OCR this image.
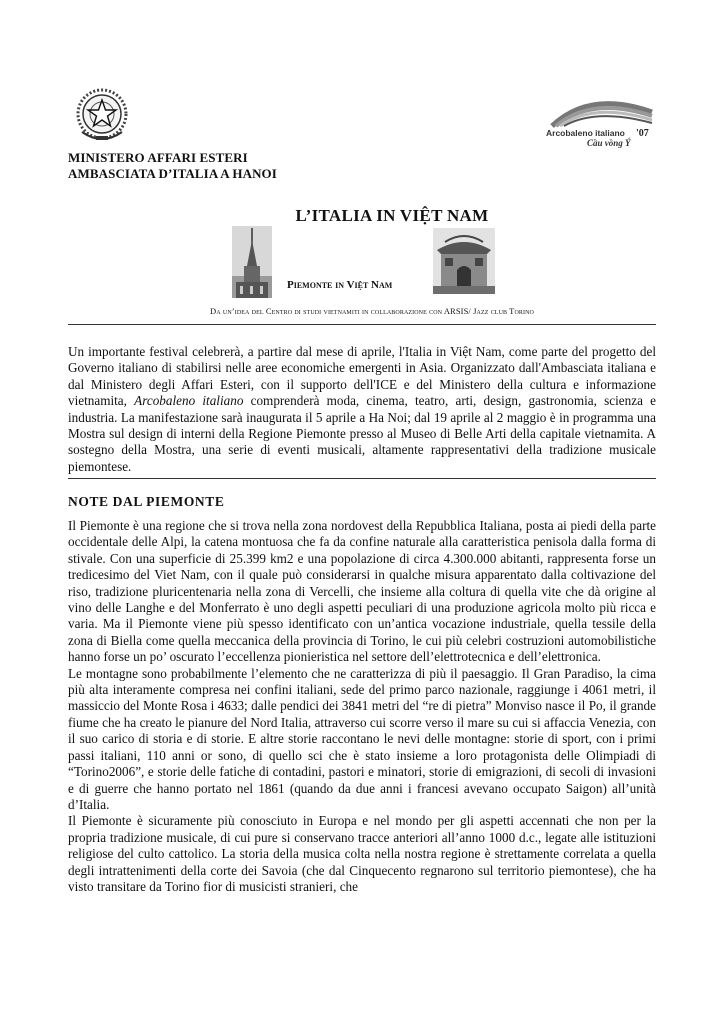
Arcobaleno italiano '07
Cầu vồng Ý
MINISTERO AFFARI ESTERI
AMBASCIATA D’ITALIA A HANOI
L’ITALIA IN VIỆT NAM
Piemonte in Việt Nam
Da un’idea del Centro di studi vietnamiti in collaborazione con ARSIS/ Jazz club Torino

Un importante festival celebrerà, a partire dal mese di aprile, l'Italia in Việt Nam, come parte del progetto del Governo italiano di stabilirsi nelle aree economiche emergenti in Asia. Organizzato dall'Ambasciata italiana e dal Ministero degli Affari Esteri, con il supporto dell'ICE e del Ministero della cultura e informazione vietnamita, Arcobaleno italiano comprenderà moda, cinema, teatro, arti, design, gastronomia, scienza e industria. La manifestazione sarà inaugurata il 5 aprile a Ha Noi; dal 19 aprile al 2 maggio è in programma una Mostra sul design di interni della Regione Piemonte presso al Museo di Belle Arti della capitale vietnamita. A sostegno della Mostra, una serie di eventi musicali, altamente rappresentativi della tradizione musicale piemontese.

NOTE DAL PIEMONTE

Il Piemonte è una regione che si trova nella zona nordovest della Repubblica Italiana, posta ai piedi della parte occidentale delle Alpi, la catena montuosa che fa da confine naturale alla caratteristica penisola dalla forma di stivale. Con una superficie di 25.399 km2 e una popolazione di circa 4.300.000 abitanti, rappresenta forse un tredicesimo del Viet Nam, con il quale può considerarsi in qualche misura apparentato dalla coltivazione del riso, tradizione pluricentenaria nella zona di Vercelli, che insieme alla coltura di quella vite che dà origine al vino delle Langhe e del Monferrato è uno degli aspetti peculiari di una produzione agricola molto più ricca e varia. Ma il Piemonte viene più spesso identificato con un’antica vocazione industriale, quella tessile della zona di Biella come quella meccanica della provincia di Torino, le cui più celebri costruzioni automobilistiche hanno forse un po’ oscurato l’eccellenza pionieristica nel settore dell’elettrotecnica e dell’elettronica.

Le montagne sono probabilmente l’elemento che ne caratterizza di più il paesaggio. Il Gran Paradiso, la cima più alta interamente compresa nei confini italiani, sede del primo parco nazionale, raggiunge i 4061 metri, il massiccio del Monte Rosa i 4633; dalle pendici dei 3841 metri del “re di pietra” Monviso nasce il Po, il grande fiume che ha creato le pianure del Nord Italia, attraverso cui scorre verso il mare su cui si affaccia Venezia, con il suo carico di storia e di storie. E altre storie raccontano le nevi delle montagne: storie di sport, con i primi passi italiani, 110 anni or sono, di quello sci che è stato insieme a loro protagonista delle Olimpiadi di “Torino2006”, e storie delle fatiche di contadini, pastori e minatori, storie di emigrazioni, di secoli di invasioni e di guerre che hanno portato nel 1861 (quando da due anni i francesi avevano occupato Saigon) all’unità d’Italia.

Il Piemonte è sicuramente più conosciuto in Europa e nel mondo per gli aspetti accennati che non per la propria tradizione musicale, di cui pure si conservano tracce anteriori all’anno 1000 d.c., legate alle istituzioni religiose del culto cattolico. La storia della musica colta nella nostra regione è strettamente correlata a quella degli intrattenimenti della corte dei Savoia (che dal Cinquecento regnarono sul territorio piemontese), che ha visto transitare da Torino fior di musicisti stranieri, che
